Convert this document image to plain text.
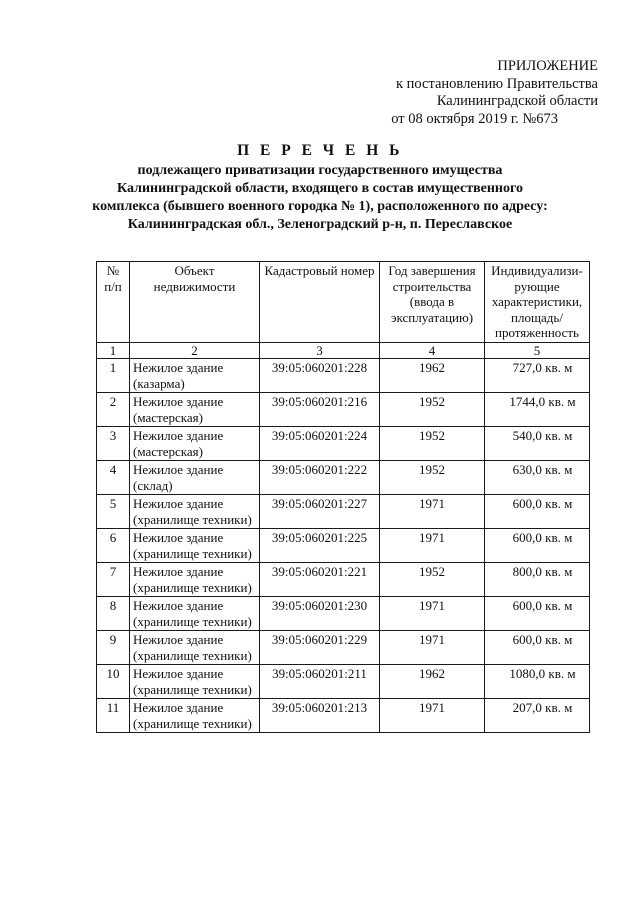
ПРИЛОЖЕНИЕ
к постановлению Правительства
Калининградской области
от 08 октября 2019 г. №673
П Е Р Е Ч Е Н Ь
подлежащего приватизации государственного имущества
Калининградской области, входящего в состав имущественного
комплекса (бывшего военного городка № 1), расположенного по адресу:
Калининградская обл., Зеленоградский р-н, п. Переславское
№ п/п	Объект недвижимости	Кадастровый номер	Год завершения строительства (ввода в эксплуатацию)	Индивидуализи-рующие характеристики, площадь/ протяженность
1	2	3	4	5
1	Нежилое здание (казарма)	39:05:060201:228	1962	727,0 кв. м
2	Нежилое здание (мастерская)	39:05:060201:216	1952	1744,0 кв. м
3	Нежилое здание (мастерская)	39:05:060201:224	1952	540,0 кв. м
4	Нежилое здание (склад)	39:05:060201:222	1952	630,0 кв. м
5	Нежилое здание (хранилище техники)	39:05:060201:227	1971	600,0 кв. м
6	Нежилое здание (хранилище техники)	39:05:060201:225	1971	600,0 кв. м
7	Нежилое здание (хранилище техники)	39:05:060201:221	1952	800,0 кв. м
8	Нежилое здание (хранилище техники)	39:05:060201:230	1971	600,0 кв. м
9	Нежилое здание (хранилище техники)	39:05:060201:229	1971	600,0 кв. м
10	Нежилое здание (хранилище техники)	39:05:060201:211	1962	1080,0 кв. м
11	Нежилое здание (хранилище техники)	39:05:060201:213	1971	207,0 кв. м
